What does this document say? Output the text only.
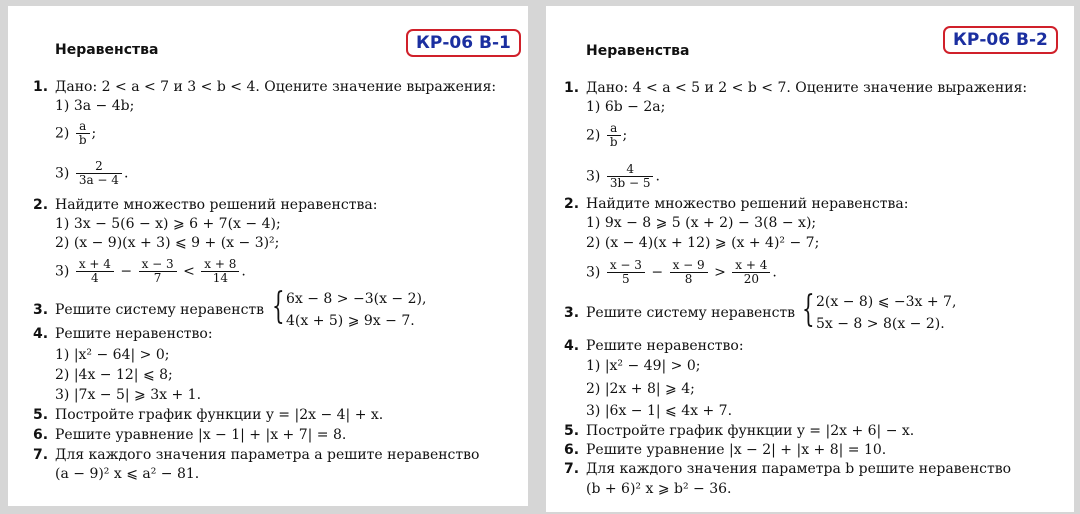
Неравенства	КР-06 В-1
1. Дано: 2 < a < 7 и 3 < b < 4. Оцените значение выражения:
1) 3a − 4b;
$2) \frac{a}{b}$ ;
$3) \frac{2}{3a - 4}$ .
2. Найдите множество решений неравенства:
1) 3x − 5(6 − x) ⩾ 6 + 7(x − 4);
2) (x − 9)(x + 3) ⩽ 9 + (x − 3)²;
$3) \frac{x + 4}{4} - \frac{x - 3}{7} < \frac{x + 8}{14}$ .
3. Решите систему неравенств { 6x − 8 > −3(x − 2),
4(x + 5) ⩾ 9x − 7.
4. Решите неравенство:
1) |x² − 64| > 0;
2) |4x − 12| ⩽ 8;
3) |7x − 5| ⩾ 3x + 1.
5. Постройте график функции y = |2x − 4| + x.
6. Решите уравнение |x − 1| + |x + 7| = 8.
7. Для каждого значения параметра a решите неравенство
(a − 9)² x ⩽ a² − 81.
Неравенства
КР-06 В-2
1. Дано: 4 < a < 5 и 2 < b < 7. Оцените значение выражения:
1) 6b − 2a;
$2) \frac{a}{b}$ ;
$3) \frac{4}{3b - 5}$ .
2. Найдите множество решений неравенства:
1) 9x − 8 ⩾ 5 (x + 2) − 3(8 − x);
2) (x − 4)(x + 12) ⩾ (x + 4)² − 7;
$3) \frac{x - 3}{5} - \frac{x - 9}{8} > \frac{x + 4}{20}$ .
3. Решите систему неравенств { 2(x − 8) ⩽ −3x + 7,
5x − 8 > 8(x − 2).
4. Решите неравенство:
1) |x² − 49| > 0;
2) |2x + 8| ⩾ 4;
3) |6x − 1| ⩽ 4x + 7.
5. Постройте график функции y = |2x + 6| − x.
6. Решите уравнение |x − 2| + |x + 8| = 10.
7. Для каждого значения параметра b решите неравенство
(b + 6)² x ⩾ b² − 36.
